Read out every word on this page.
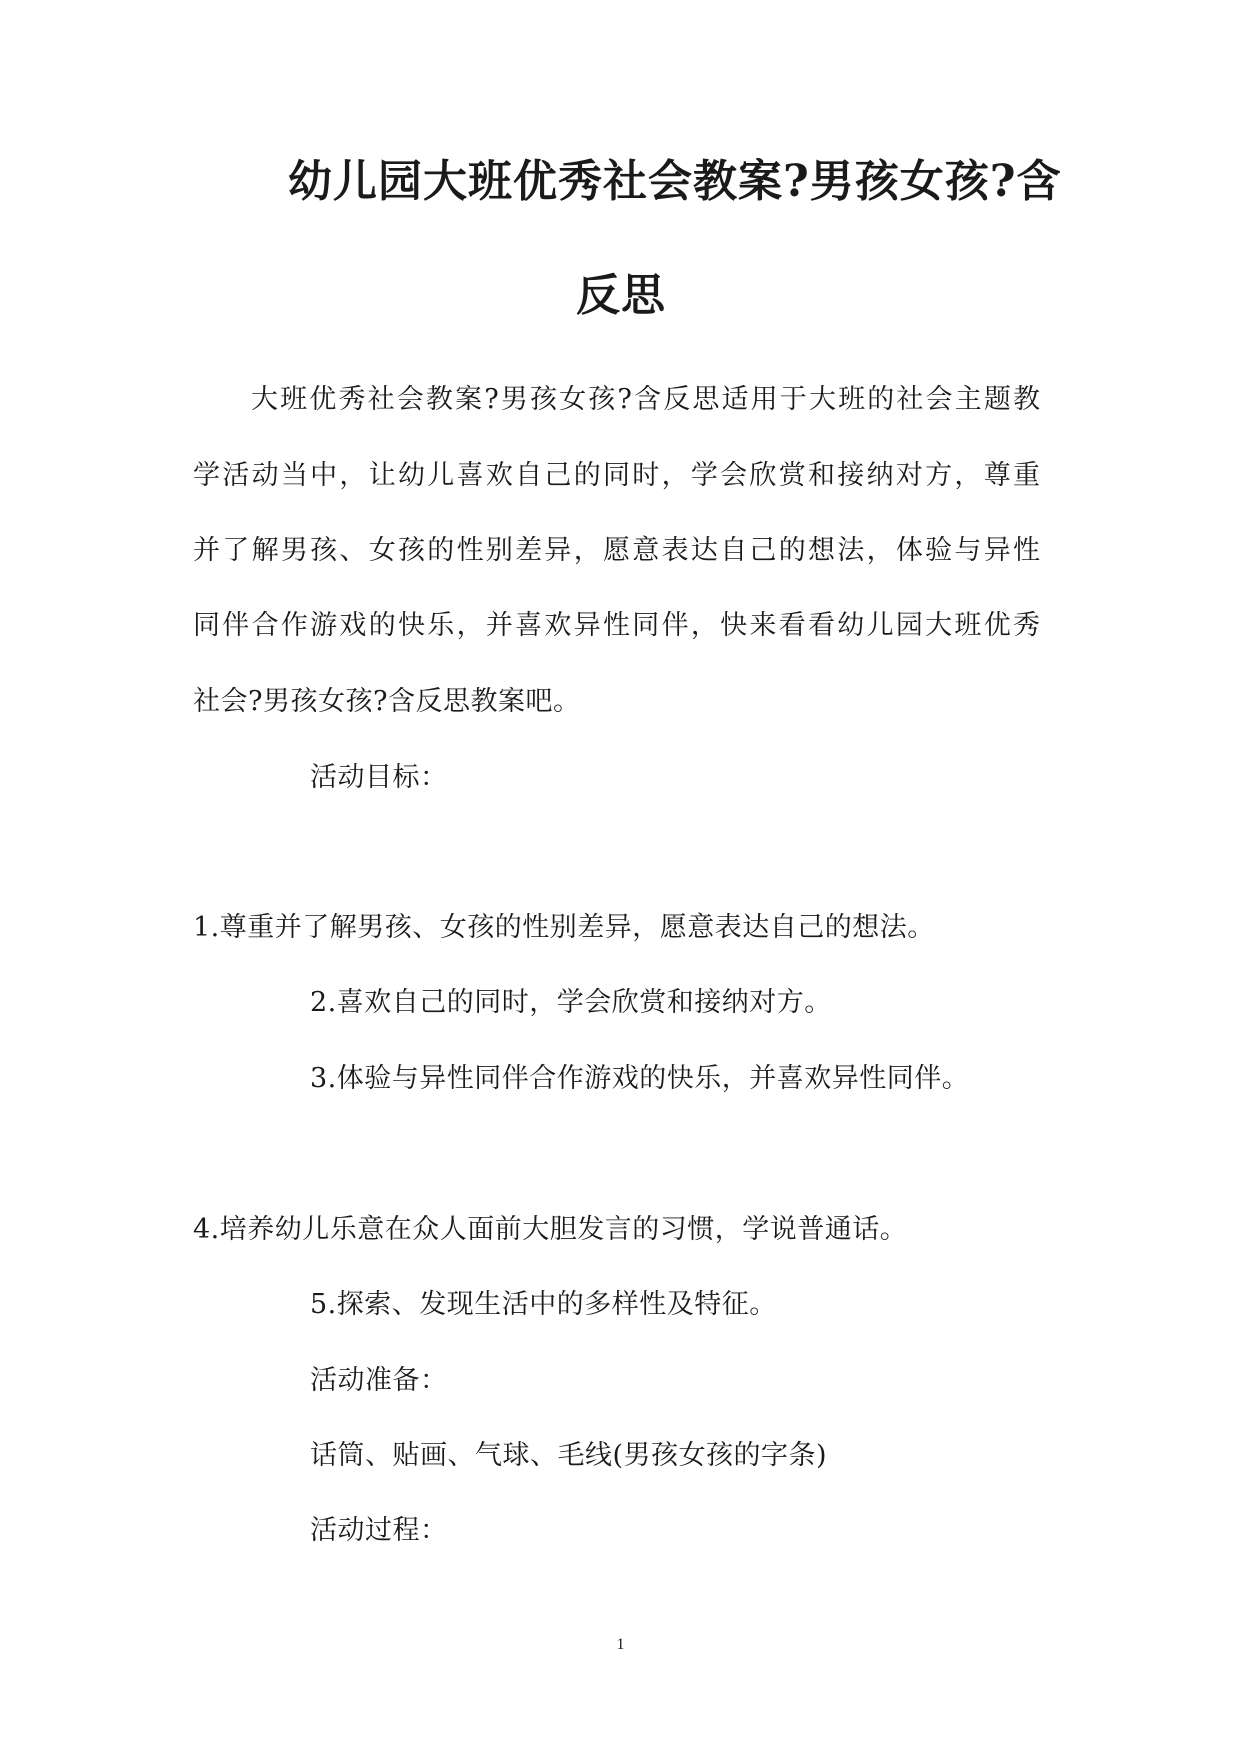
幼儿园大班优秀社会教案?男孩女孩?含
反思
大班优秀社会教案?男孩女孩?含反思适用于大班的社会主题教
学活动当中，让幼儿喜欢自己的同时，学会欣赏和接纳对方，尊重
并了解男孩、女孩的性别差异，愿意表达自己的想法，体验与异性
同伴合作游戏的快乐，并喜欢异性同伴，快来看看幼儿园大班优秀
社会?男孩女孩?含反思教案吧。
活动目标：
1.尊重并了解男孩、女孩的性别差异，愿意表达自己的想法。
2.喜欢自己的同时，学会欣赏和接纳对方。
3.体验与异性同伴合作游戏的快乐，并喜欢异性同伴。
4.培养幼儿乐意在众人面前大胆发言的习惯，学说普通话。
5.探索、发现生活中的多样性及特征。
活动准备：
话筒、贴画、气球、毛线(男孩女孩的字条)
活动过程：
1
